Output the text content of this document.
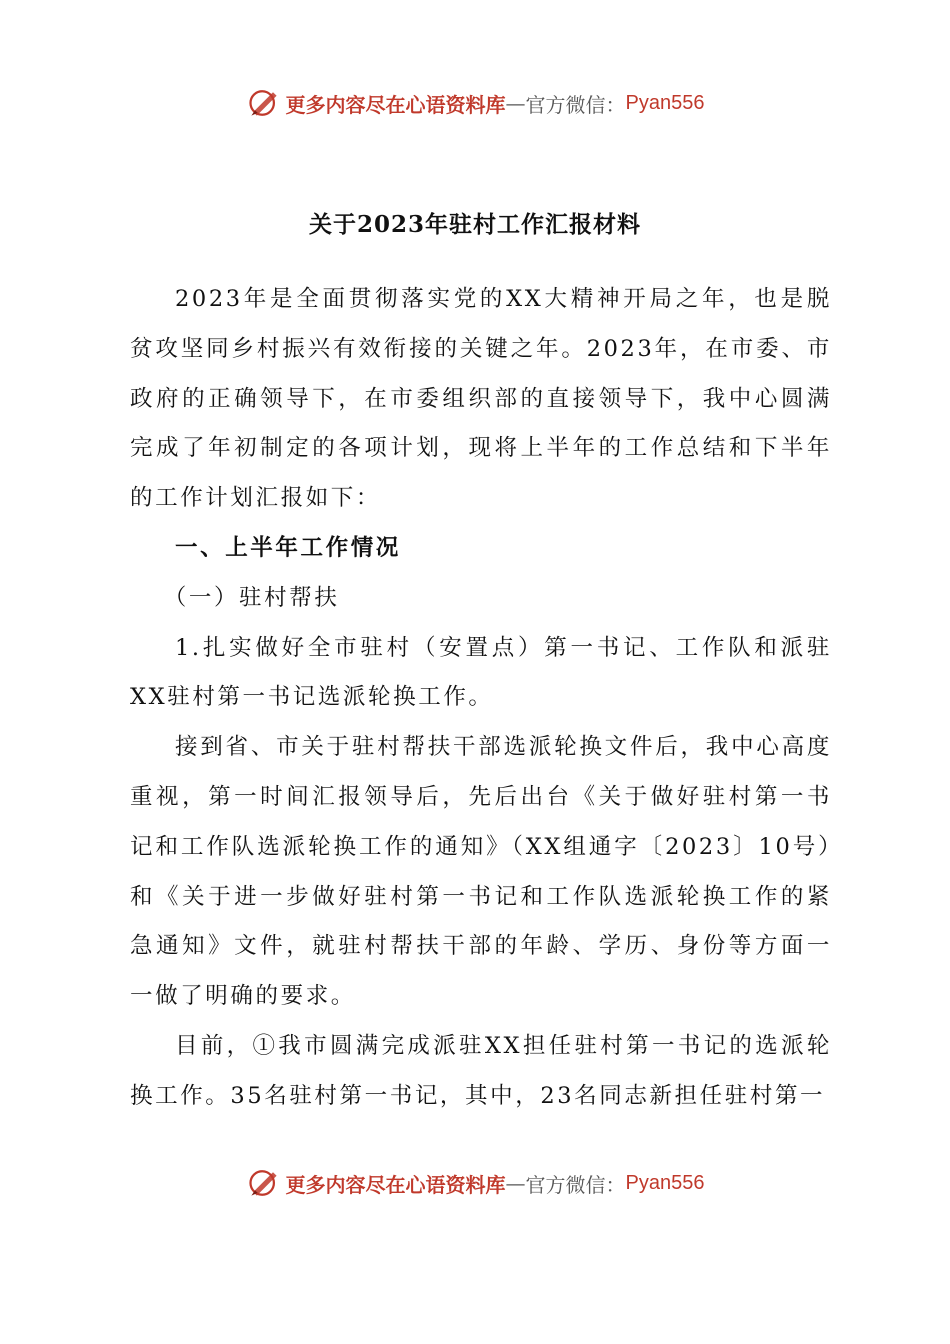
更多内容尽在心语资料库 — 官方微信： Pyan556
关于2023年驻村工作汇报材料

2023年是全面贯彻落实党的XX大精神开局之年，也是脱贫攻坚同乡村振兴有效衔接的关键之年。2023年，在市委、市政府的正确领导下，在市委组织部的直接领导下，我中心圆满完成了年初制定的各项计划，现将上半年的工作总结和下半年的工作计划汇报如下：

一、上半年工作情况

（一）驻村帮扶

1.扎实做好全市驻村（安置点）第一书记、工作队和派驻XX驻村第一书记选派轮换工作。

接到省、市关于驻村帮扶干部选派轮换文件后，我中心高度重视，第一时间汇报领导后，先后出台《关于做好驻村第一书记和工作队选派轮换工作的通知》（XX组通字〔2023〕10号）和《关于进一步做好驻村第一书记和工作队选派轮换工作的紧急通知》文件，就驻村帮扶干部的年龄、学历、身份等方面一一做了明确的要求。

目前，①我市圆满完成派驻XX担任驻村第一书记的选派轮换工作。35名驻村第一书记，其中，23名同志新担任驻村第一

更多内容尽在心语资料库 — 官方微信： Pyan556
